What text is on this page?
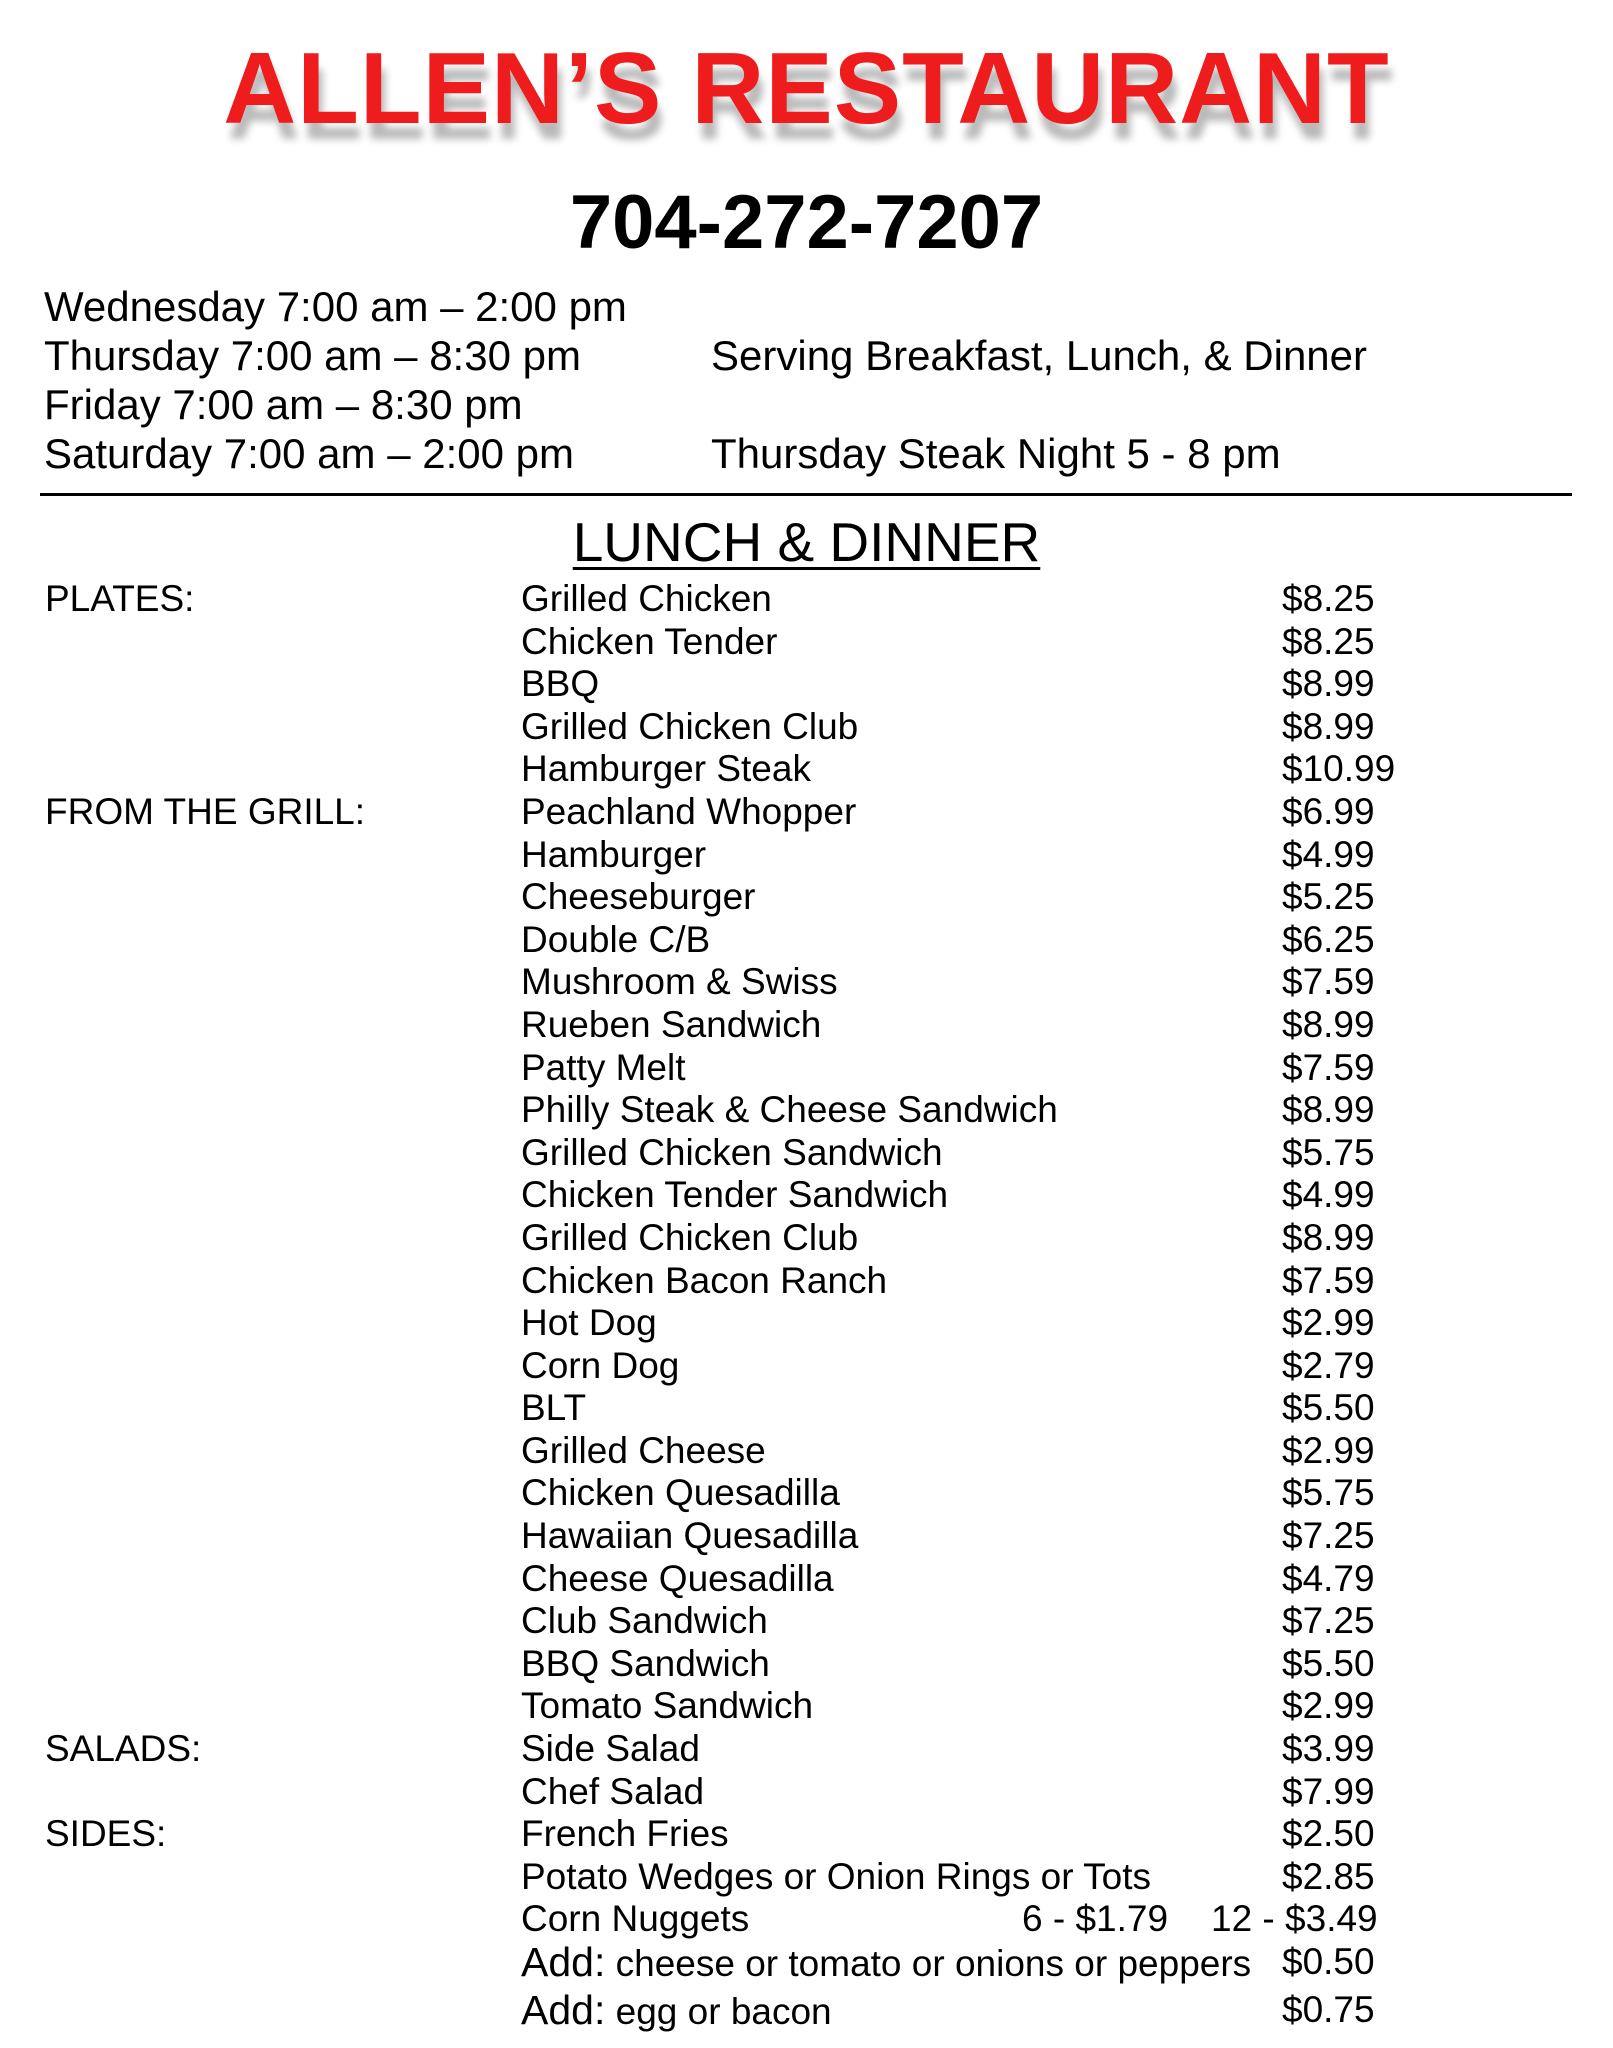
ALLEN’S RESTAURANT
704-272-7207
Wednesday 7:00 am – 2:00 pm
Thursday 7:00 am – 8:30 pm
Friday 7:00 am – 8:30 pm
Saturday 7:00 am – 2:00 pm
Serving Breakfast, Lunch, & Dinner
Thursday Steak Night 5 - 8 pm
LUNCH & DINNER
PLATES:	Grilled Chicken	$8.25
Chicken Tender	$8.25
BBQ	$8.99
Grilled Chicken Club	$8.99
Hamburger Steak	$10.99
FROM THE GRILL:	Peachland Whopper	$6.99
Hamburger	$4.99
Cheeseburger	$5.25
Double C/B	$6.25
Mushroom & Swiss	$7.59
Rueben Sandwich	$8.99
Patty Melt	$7.59
Philly Steak & Cheese Sandwich	$8.99
Grilled Chicken Sandwich	$5.75
Chicken Tender Sandwich	$4.99
Grilled Chicken Club	$8.99
Chicken Bacon Ranch	$7.59
Hot Dog	$2.99
Corn Dog	$2.79
BLT	$5.50
Grilled Cheese	$2.99
Chicken Quesadilla	$5.75
Hawaiian Quesadilla	$7.25
Cheese Quesadilla	$4.79
Club Sandwich	$7.25
BBQ Sandwich	$5.50
Tomato Sandwich	$2.99
SALADS:	Side Salad	$3.99
Chef Salad	$7.99
SIDES:	French Fries	$2.50
Potato Wedges or Onion Rings or Tots	$2.85
Corn Nuggets	6 - $1.79 12 - $3.49
Add: cheese or tomato or onions or peppers $0.50
Add: egg or bacon	$0.75
